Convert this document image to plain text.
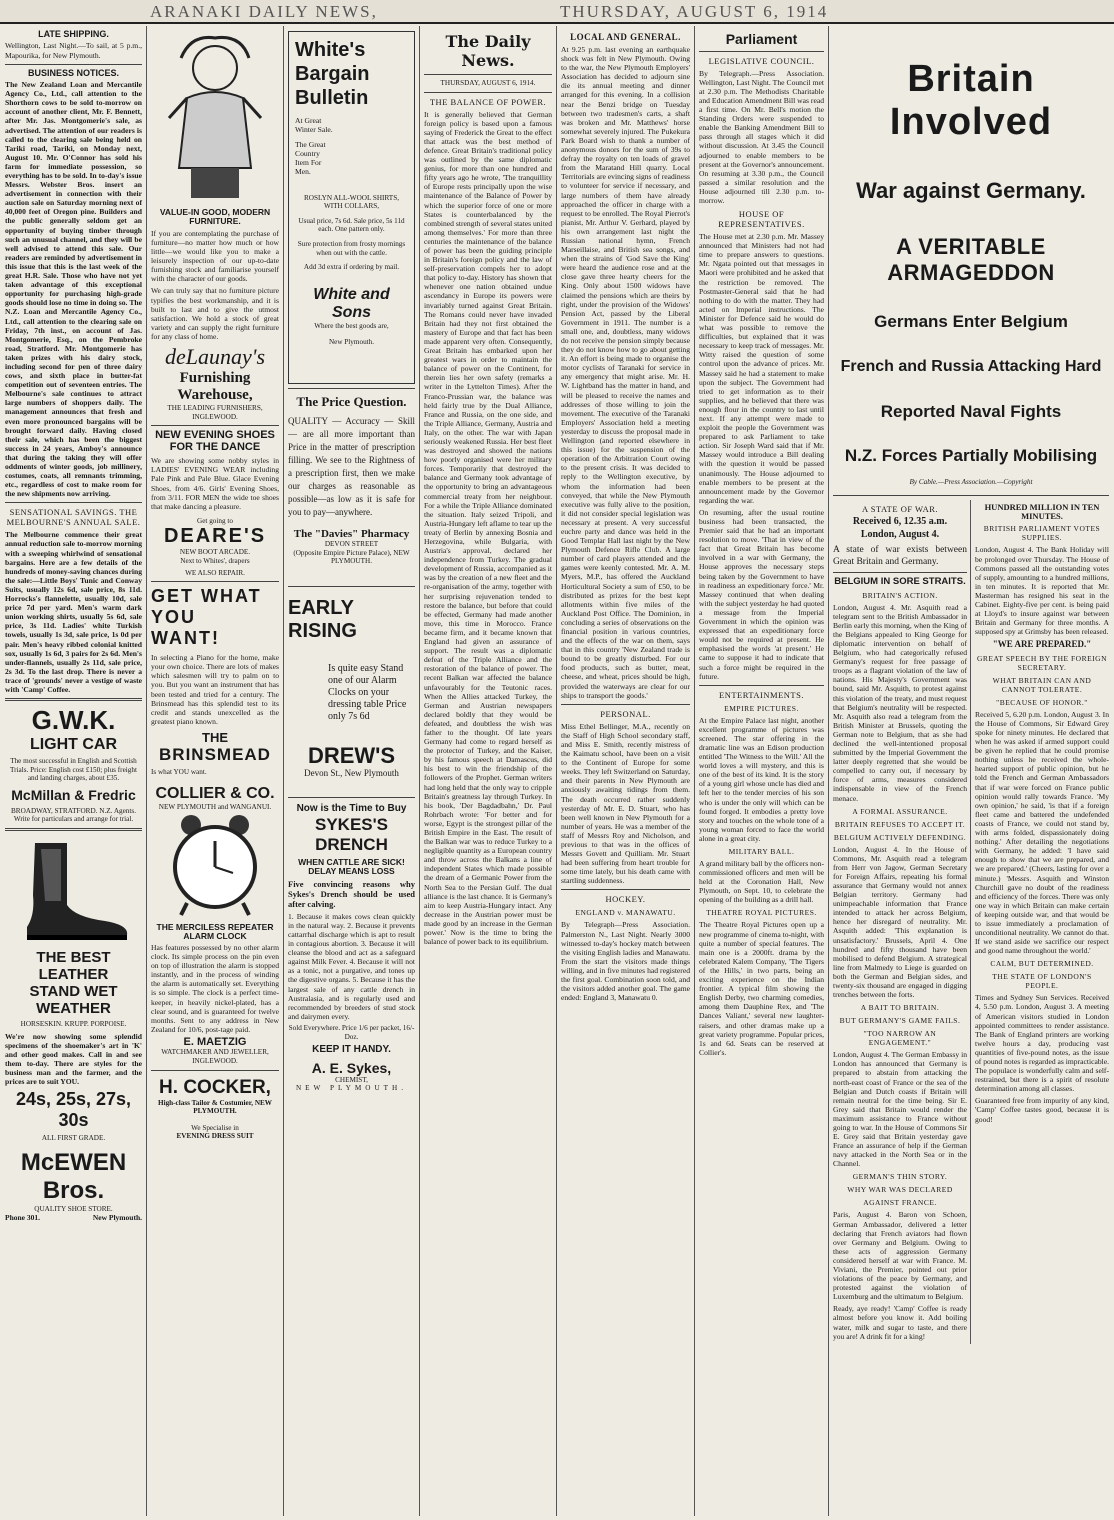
ARANAKI DAILY NEWS,	THURSDAY, AUGUST 6, 1914
LATE SHIPPING.
Wellington, Last Night.—To sail, at 5 p.m., Mapourika, for New Plymouth.
BUSINESS NOTICES.
The New Zealand Loan and Mercantile Agency Co., Ltd., call attention to the Shorthorn cows to be sold to-morrow on account of another client, Mr. F. Bennett, after Mr. Jas. Montgomerie's sale, as advertised. The attention of our readers is called to the clearing sale being held on Tariki road, Tariki, on Monday next, August 10. Mr. O'Connor has sold his farm for immediate possession, so everything has to be sold. In to-day's issue Messrs. Webster Bros. insert an advertisement in connection with their auction sale on Saturday morning next of 40,000 feet of Oregon pine. Builders and the public generally seldom get an opportunity of buying timber through such an unusual channel, and they will be well advised to attend this sale. Our readers are reminded by advertisement in this issue that this is the last week of the great H.R. Sale. Those who have not yet taken advantage of this exceptional opportunity for purchasing high-grade goods should lose no time in doing so. The N.Z. Loan and Mercantile Agency Co., Ltd., call attention to the clearing sale on Friday, 7th inst., on account of Jas. Montgomerie, Esq., on the Pembroke road, Stratford. Mr. Montgomerie has taken prizes with his dairy stock, including second for pen of three dairy cows, and sixth place in butter-fat competition out of seventeen entries. The Melbourne's sale continues to attract large numbers of shoppers daily. The management announces that fresh and even more pronounced bargains will be brought forward daily. Having closed their sale, which has been the biggest success in 24 years, Amboy's announce that during the taking they will offer oddments of winter goods, job millinery, costumes, coats, all remnants trimming, etc., regardless of cost to make room for the new shipments now arriving.
SENSATIONAL SAVINGS. THE MELBOURNE'S ANNUAL SALE.
The Melbourne commence their great annual reduction sale to-morrow morning with a sweeping whirlwind of sensational bargains. Here are a few details of the hundreds of money-saving chances during the sale:—Little Boys' Tunic and Conway Suits, usually 12s 6d, sale price, 8s 11d. Horrocks's flannelette, usually 10d, sale price 7d per yard. Men's warm dark union working shirts, usually 5s 6d, sale price, 3s 11d. Ladies' white Turkish towels, usually 1s 3d, sale price, 1s 0d per pair. Men's heavy ribbed colonial knitted sox, usually 1s 6d, 3 pairs for 2s 6d. Men's under-flannels, usually 2s 11d, sale price, 2s 3d. To the last drop. There is never a trace of 'grounds' never a vestige of waste with 'Camp' Coffee.
G.W.K.
LIGHT CAR
The most successful in English and Scottish Trials. Price: English cost £150; plus freight and landing charges, about £35.
McMillan & Fredric
BROADWAY, STRATFORD. N.Z. Agents. Write for particulars and arrange for trial.
THE BEST LEATHER
STAND WET WEATHER
HORSESKIN. KRUPP. PORPOISE.
We're now showing some splendid specimens of the shoemaker's art in 'K' and other good makes. Call in and see them to-day. There are styles for the business man and the farmer, and the prices are to suit YOU.
24s, 25s, 27s, 30s
ALL FIRST GRADE.
McEWEN Bros.
QUALITY SHOE STORE.
Phone 301.	New Plymouth.
VALUE-IN GOOD, MODERN
FURNITURE.
If you are contemplating the purchase of furniture—no matter how much or how little—we would like you to make a leisurely inspection of our up-to-date furnishing stock and familiarise yourself with the character of our goods.
We can truly say that no furniture picture typifies the best workmanship, and it is built to last and to give the utmost satisfaction. We hold a stock of great variety and can supply the right furniture for any class of home.
deLaunay's
Furnishing Warehouse,
THE LEADING FURNISHERS, INGLEWOOD.
NEW EVENING SHOES
FOR THE DANCE
We are showing some nobby styles in LADIES' EVENING WEAR including Pale Pink and Pale Blue. Glace Evening Shoes, from 4/6. Girls' Evening Shoes, from 3/11. FOR MEN the wide toe shoes that make dancing a pleasure.
Get going to
DEARE'S
NEW BOOT ARCADE.
Next to Whites', drapers
WE ALSO REPAIR.
GET WHAT
YOU
WANT!
In selecting a Piano for the home, make your own choice. There are lots of makes which salesmen will try to palm on to you. But you want an instrument that has been tested and tried for a century. The Brinsmead has this splendid test to its credit and stands unexcelled as the greatest piano known.
THE
BRINSMEAD
Is what YOU want.
COLLIER & CO.
NEW PLYMOUTH and WANGANUI.
THE MERCILESS REPEATER ALARM CLOCK
Has features possessed by no other alarm clock. Its simple process on the pin even on top of illustration the alarm is stopped instantly, and in the process of winding the alarm is automatically set. Everything is so simple. The clock is a perfect time-keeper, in heavily nickel-plated, has a clear sound, and is guaranteed for twelve months. Sent to any address in New Zealand for 10/6, post-tage paid.
E. MAETZIG
WATCHMAKER AND JEWELLER, INGLEWOOD.
H. COCKER,
High-class Tailor & Costumier, NEW PLYMOUTH.
We Specialise in
EVENING DRESS SUIT
White's
Bargain
Bulletin
At Great Winter Sale.
The Great Country Item For Men.
ROSLYN ALL-WOOL SHIRTS, WITH COLLARS,
Usual price, 7s 6d. Sale price, 5s 11d each. One pattern only.
Sure protection from frosty mornings when out with the cattle.
Add 3d extra if ordering by mail.
White and Sons
Where the best goods are,
New Plymouth.
The Price Question.
QUALITY — Accuracy — Skill — are all more important than Price in the matter of prescription filling. We see to the Rightness of a prescription first, then we make our charges as reasonable as possible—as low as it is safe for you to pay—anywhere.
The "Davies" Pharmacy
DEVON STREET
(Opposite Empire Picture Palace), NEW PLYMOUTH.
EARLY RISING
Is quite easy Stand one of our Alarm Clocks on your dressing table Price only 7s 6d
DREW'S
Devon St., New Plymouth
Now is the Time to Buy
SYKES'S DRENCH
WHEN CATTLE ARE SICK! DELAY MEANS LOSS
Five convincing reasons why Sykes's Drench should be used after calving.
1. Because it makes cows clean quickly in the natural way. 2. Because it prevents cattarrhal discharge which is apt to result in contagious abortion. 3. Because it will cleanse the blood and act as a safeguard against Milk Fever. 4. Because it will not as a tonic, not a purgative, and tones up the digestive organs. 5. Because it has the largest sale of any cattle drench in Australasia, and is regularly used and recommended by breeders of stud stock and dairymen every.
Sold Everywhere. Price 1/6 per packet, 16/- Doz.
KEEP IT HANDY.
A. E. Sykes,
CHEMIST,
NEW PLYMOUTH.
The Daily News.
THURSDAY, AUGUST 6, 1914.
THE BALANCE OF POWER.
It is generally believed that German foreign policy is based upon a famous saying of Frederick the Great to the effect that attack was the best method of defence. Great Britain's traditional policy was outlined by the same diplomatic genius, for more than one hundred and fifty years ago he wrote, 'The tranquillity of Europe rests principally upon the wise maintenance of the Balance of Power by which the superior force of one or more States is counterbalanced by the combined strength of several states united among themselves.' For more than three centuries the maintenance of the balance of power has been the guiding principle in Britain's foreign policy and the law of self-preservation compels her to adopt that policy to-day. History has shown that whenever one nation obtained undue ascendancy in Europe its powers were invariably turned against Great Britain. The Romans could never have invaded Britain had they not first obtained the mastery of Europe and that fact has been made apparent very often. Consequently, Great Britain has embarked upon her greatest wars in order to maintain the balance of power on the Continent, for therein lies her own safety (remarks a writer in the Lyttelton Times). After the Franco-Prussian war, the balance was held fairly true by the Dual Alliance, France and Russia, on the one side, and the Triple Alliance, Germany, Austria and Italy, on the other. The war with Japan seriously weakened Russia. Her best fleet was destroyed and showed the nations how poorly organised were her military forces. Temporarily that destroyed the balance and Germany took advantage of the opportunity to bring an advantageous commercial treaty from her neighbour. For a while the Triple Alliance dominated the situation. Italy seized Tripoli, and Austria-Hungary left aflame to tear up the treaty of Berlin by annexing Bosnia and Herzegovina, while Bulgaria, with Austria's approval, declared her independence from Turkey. The gradual development of Russia, accompanied as it was by the creation of a new fleet and the re-organisation of the army, together with her surprising rejuvenation tended to restore the balance, but before that could be effected, Germany had made another move, this time in Morocco. France became firm, and it became known that England had given an assurance of support. The result was a diplomatic defeat of the Triple Alliance and the restoration of the balance of power. The recent Balkan war affected the balance unfavourably for the Teutonic races. When the Allies attacked Turkey, the German and Austrian newspapers declared boldly that they would be defeated, and doubtless the wish was father to the thought. Of late years Germany had come to regard herself as the protector of Turkey, and the Kaiser, by his famous speech at Damascus, did his best to win the friendship of the followers of the Prophet. German writers had long held that the only way to cripple Britain's greatness lay through Turkey. In his book, 'Der Bagdadbahn,' Dr. Paul Rohrbach wrote: 'For better and for worse, Egypt is the strongest pillar of the British Empire in the East. The result of the Balkan war was to reduce Turkey to a negligible quantity as a European country and throw across the Balkans a line of independent States which made possible the dream of a Germanic Power from the North Sea to the Persian Gulf. The dual alliance is the last chance. It is Germany's aim to keep Austria-Hungary intact. Any decrease in the Austrian power must be made good by an increase in the German power.' Now is the time to bring the balance of power back to its equilibrium.
LOCAL AND GENERAL.
At 9.25 p.m. last evening an earthquake shock was felt in New Plymouth. Owing to the war, the New Plymouth Employers' Association has decided to adjourn sine die its annual meeting and dinner arranged for this evening. In a collision near the Benzi bridge on Tuesday between two tradesmen's carts, a shaft was broken and Mr. Matthews' horse somewhat severely injured. The Pukekura Park Board wish to thank a number of anonymous donors for the sum of 39s to defray the royalty on ten loads of gravel from the Maratand Hill quarry. Local Territorials are evincing signs of readiness to volunteer for service if necessary, and large numbers of them have already approached the officer in charge with a request to be enrolled. The Royal Pierrot's pianist, Mr. Arthur V. Gerhard, played by his own arrangement last night the Russian national hymn, French Marseillaise, and British sea songs, and when the strains of 'God Save the King' were heard the audience rose and at the close gave three hearty cheers for the King. Only about 1500 widows have claimed the pensions which are theirs by right, under the provision of the Widows' Pension Act, passed by the Liberal Government in 1911. The number is a small one, and, doubtless, many widows do not receive the pension simply because they do not know how to go about getting it. An effort is being made to organise the motor cyclists of Taranaki for service in any emergency that might arise. Mr. H. W. Lightband has the matter in hand, and will be pleased to receive the names and addresses of those willing to join the movement. The executive of the Taranaki Employers' Association held a meeting yesterday to discuss the proposal made in Wellington (and reported elsewhere in this issue) for the suspension of the operation of the Arbitration Court owing to the present crisis. It was decided to reply to the Wellington executive, by whom the information had been conveyed, that while the New Plymouth executive was fully alive to the position, it did not consider special legislation was necessary at present. A very successful euchre party and dance was held in the Good Templar Hall last night by the New Plymouth Defence Rifle Club. A large number of card players attended and the games were keenly contested. Mr. A. M. Myers, M.P., has offered the Auckland Horticultural Society a sum of £50, to be distributed as prizes for the best kept allotments within five miles of the Auckland Post Office. The Dominion, in concluding a series of observations on the financial position in various countries, and the effects of the war on them, says that in this country 'New Zealand trade is bound to be greatly disturbed. For our food products, such as butter, meat, cheese, and wheat, prices should be high, provided the waterways are clear for our ships to transport the goods.'
PERSONAL.
Miss Ethel Bellinger, M.A., recently on the Staff of High School secondary staff, and Miss E. Smith, recently mistress of the Kaimatu school, have been on a visit to the Continent of Europe for some weeks. They left Switzerland on Saturday, and their parents in New Plymouth are anxiously awaiting tidings from them. The death occurred rather suddenly yesterday of Mr. E. D. Stuart, who has been well known in New Plymouth for a number of years. He was a member of the staff of Messrs Roy and Nicholson, and previous to that was in the offices of Messrs Govett and Quilliam. Mr. Stuart had been suffering from heart trouble for some time lately, but his death came with startling suddenness.
HOCKEY.
ENGLAND v. MANAWATU.
By Telegraph—Press Association. Palmerston N., Last Night. Nearly 3000 witnessed to-day's hockey match between the visiting English ladies and Manawatu. From the start the visitors made things willing, and in five minutes had registered the first goal. Combination soon told, and the visitors added another goal. The game ended: England 3, Manawatu 0.
Parliament
LEGISLATIVE COUNCIL.
By Telegraph.—Press Association. Wellington, Last Night. The Council met at 2.30 p.m. The Methodists Charitable and Education Amendment Bill was read a first time. On Mr. Bell's motion the Standing Orders were suspended to enable the Banking Amendment Bill to pass through all stages which it did without discussion. At 3.45 the Council adjourned to enable members to be present at the Governor's announcement. On resuming at 3.30 p.m., the Council passed a similar resolution and the House adjourned till 2.30 p.m. to-morrow.
HOUSE OF REPRESENTATIVES.
The House met at 2.30 p.m. Mr. Massey announced that Ministers had not had time to prepare answers to questions. Mr. Ngata pointed out that messages in Maori were prohibited and he asked that the restriction be removed. The Postmaster-General said that he had nothing to do with the matter. They had acted on Imperial instructions. The Minister for Defence said he would do what was possible to remove the difficulties, but explained that it was necessary to keep track of messages. Mr. Witty raised the question of some control upon the advance of prices. Mr. Massey said he had a statement to make upon the subject. The Government had tried to get information as to their supplies, and he believed that there was enough flour in the country to last until next. If any attempt were made to exploit the people the Government was prepared to ask Parliament to take action. Sir Joseph Ward said that if Mr. Massey would introduce a Bill dealing with the question it would be passed unanimously. The House adjourned to enable members to be present at the announcement made by the Governor regarding the war.
On resuming, after the usual routine business had been transacted, the Premier said that he had an important resolution to move. 'That in view of the fact that Great Britain has become involved in a war with Germany, the House approves the necessary steps being taken by the Government to have in readiness an expeditionary force.' Mr. Massey continued that when dealing with the subject yesterday he had quoted a message from the Imperial Government in which the opinion was expressed that an expeditionary force would not be required at present. He emphasised the words 'at present.' He came to suppose it had to indicate that such a force might be required in the future.
ENTERTAINMENTS.
EMPIRE PICTURES.
At the Empire Palace last night, another excellent programme of pictures was screened. The star offering in the dramatic line was an Edison production entitled 'The Witness to the Will.' All the world loves a will mystery, and this is one of the best of its kind. It is the story of a young girl whose uncle has died and left her to the tender mercies of his son who is under the only will which can be found forged. It embodies a pretty love story and touches on the whole tone of a young woman forced to face the world alone in a great city.
MILITARY BALL.
A grand military ball by the officers non-commissioned officers and men will be held at the Coronation Hall, New Plymouth, on Sept. 10, to celebrate the opening of the building as a drill hall.
THEATRE ROYAL PICTURES.
The Theatre Royal Pictures open up a new programme of cinema to-night, with quite a number of special features. The main one is a 2000ft. drama by the celebrated Kalem Company, 'The Tigers of the Hills,' in two parts, being an exciting experience on the Indian frontier. A typical film showing the English Derby, two charming comedies, among them Dauphine Rex, and 'The Dances Valiant,' several new laughter-raisers, and other dramas make up a great variety programme. Popular prices, 1s and 6d. Seats can be reserved at Collier's.
Britain Involved
War against Germany.
A VERITABLE ARMAGEDDON
Germans Enter Belgium
French and Russia Attacking Hard
Reported Naval Fights
N.Z. Forces Partially Mobilising
By Cable.—Press Association.—Copyright
A STATE OF WAR.
Received 6, 12.35 a.m.
London, August 4.
A state of war exists between Great Britain and Germany.
BELGIUM IN SORE STRAITS.
BRITAIN'S ACTION.
London, August 4. Mr. Asquith read a telegram sent to the British Ambassador in Berlin early this morning, when the King of the Belgians appealed to King George for diplomatic intervention on behalf of Belgium, who had categorically refused Germany's request for free passage of troops as a flagrant violation of the law of nations. His Majesty's Government was bound, said Mr. Asquith, to protest against this violation of the treaty, and must request that Belgium's neutrality will be respected. Mr. Asquith also read a telegram from the British Minister at Brussels, quoting the German note to Belgium, that as she had declined the well-intentioned proposal submitted by the Imperial Government the latter deeply regretted that she would be compelled to carry out, if necessary by force of arms, measures considered indispensable in view of the French menace.
A FORMAL ASSURANCE.
BRITAIN REFUSES TO ACCEPT IT.
BELGIUM ACTIVELY DEFENDING.
London, August 4. In the House of Commons, Mr. Asquith read a telegram from Herr von Jagow, German Secretary for Foreign Affairs, repeating his formal assurance that Germany would not annex Belgian territory. Germany had unimpeachable information that France intended to attack her across Belgium, hence her disregard of neutrality. Mr. Asquith added: 'This explanation is unsatisfactory.' Brussels, April 4. One hundred and fifty thousand have been mobilised to defend Belgium. A strategical line from Malmedy to Liege is guarded on both the German and Belgian sides, and twenty-six thousand are engaged in digging trenches between the forts.
A BAIT TO BRITAIN.
BUT GERMANY'S GAME FAILS.
"TOO NARROW AN ENGAGEMENT."
London, August 4. The German Embassy in London has announced that Germany is prepared to abstain from attacking the north-east coast of France or the sea of the Belgian and Dutch coasts if Britain will remain neutral for the time being. Sir E. Grey said that Britain would render the maximum assistance to France without going to war. In the House of Commons Sir E. Grey said that Britain yesterday gave France an assurance of help if the German navy attacked in the North Sea or in the Channel.
GERMAN'S THIN STORY.
WHY WAR WAS DECLARED
AGAINST FRANCE.
Paris, August 4. Baron von Schoen, German Ambassador, delivered a letter declaring that French aviators had flown over Germany and Belgium. Owing to these acts of aggression Germany considered herself at war with France. M. Viviani, the Premier, pointed out prior violations of the peace by Germany, and protested against the violation of Luxemburg and the ultimatum to Belgium.
Ready, aye ready! 'Camp' Coffee is ready almost before you know it. Add boiling water, milk and sugar to taste, and there you are! A drink fit for a king!
HUNDRED MILLION IN TEN MINUTES.
BRITISH PARLIAMENT VOTES SUPPLIES.
London, August 4. The Bank Holiday will be prolonged over Thursday. The House of Commons passed all the outstanding votes of supply, amounting to a hundred millions, in ten minutes. It is reported that Mr. Masterman has resigned his seat in the Cabinet. Eighty-five per cent. is being paid at Lloyd's to insure against war between Britain and Germany for three months. A supposed spy at Grimsby has been released.
"WE ARE PREPARED."
GREAT SPEECH BY THE FOREIGN SECRETARY.
WHAT BRITAIN CAN AND CANNOT TOLERATE.
"BECAUSE OF HONOR."
Received 5, 6.20 p.m. London, August 3. In the House of Commons, Sir Edward Grey spoke for ninety minutes. He declared that when he was asked if armed support could be given he replied that he could promise nothing unless he received the whole-hearted support of public opinion, but he told the French and German Ambassadors that if war were forced on France public opinion would rally towards France. 'My own opinion,' he said, 'is that if a foreign fleet came and battered the undefended coasts of France, we could not stand by, with arms folded, dispassionately doing nothing.' After detailing the negotiations with Germany, he added: 'I have said enough to show that we are prepared, and we are prepared.' (Cheers, lasting for over a minute.) 'Messrs. Asquith and Winston Churchill gave no doubt of the readiness and efficiency of the forces. There was only one way in which Britain can make certain of keeping outside war, and that would be to issue immediately a proclamation of unconditional neutrality. We cannot do that. If we stand aside we sacrifice our respect and good name throughout the world.'
CALM, BUT DETERMINED.
THE STATE OF LONDON'S PEOPLE.
Times and Sydney Sun Services. Received 4, 5.50 p.m. London, August 3. A meeting of American visitors studied in London appointed committees to render assistance. The Bank of England printers are working twelve hours a day, producing vast quantities of five-pound notes, as the issue of pound notes is regarded as impracticable. The populace is wonderfully calm and self-restrained, but there is a spirit of resolute determination among all classes.
Guaranteed free from impurity of any kind, 'Camp' Coffee tastes good, because it is good!
